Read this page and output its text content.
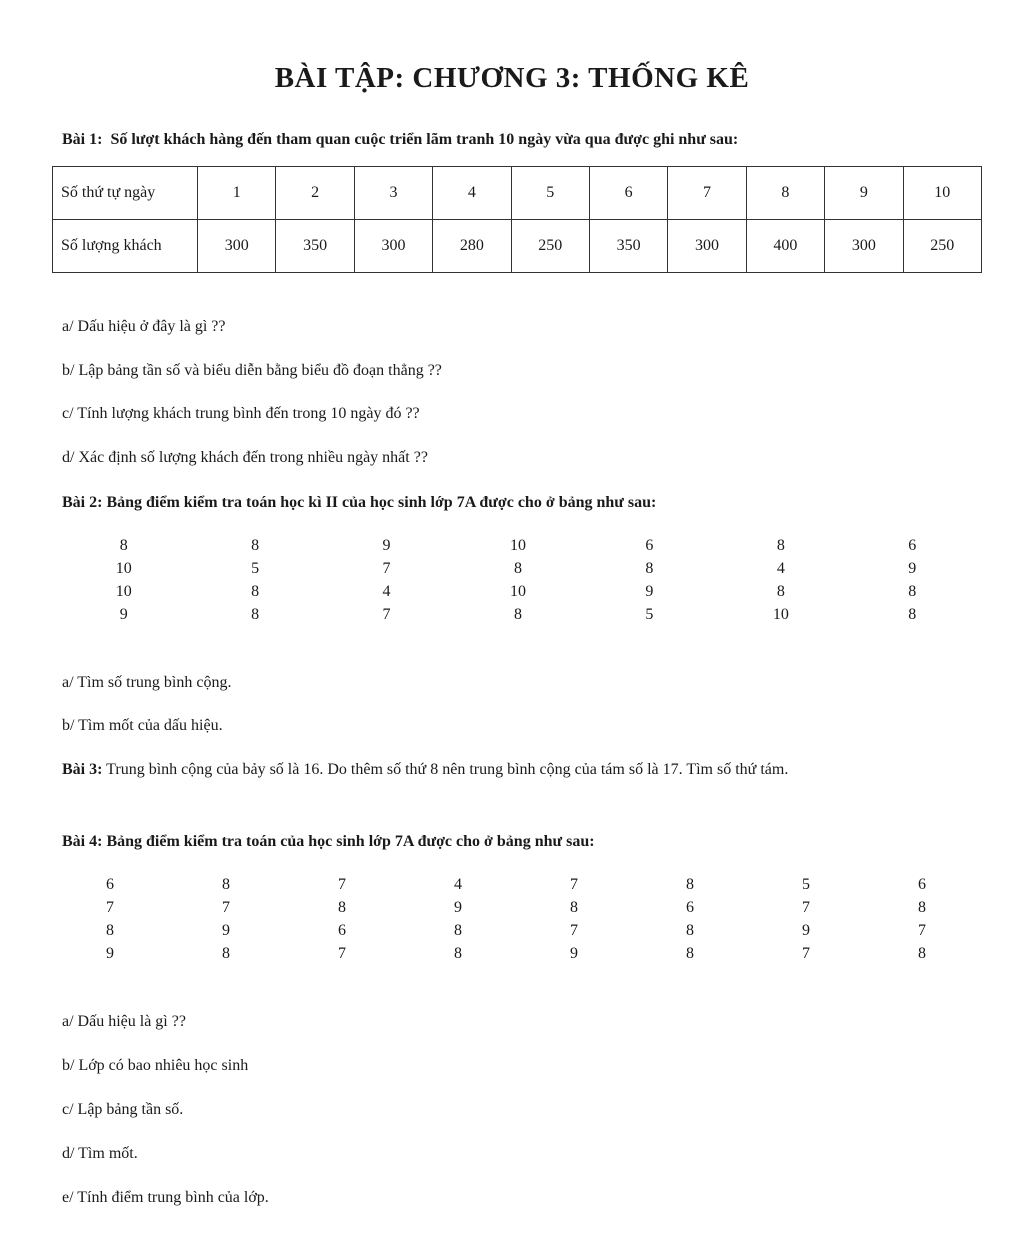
BÀI TẬP: CHƯƠNG 3: THỐNG KÊ
Bài 1: Số lượt khách hàng đến tham quan cuộc triển lãm tranh 10 ngày vừa qua được ghi như sau:
Số thứ tự ngày	1	2	3	4	5	6	7	8	9	10
Số lượng khách	300	350	300	280	250	350	300	400	300	250
a/ Dấu hiệu ở đây là gì ??
b/ Lập bảng tần số và biểu diễn bằng biểu đồ đoạn thẳng ??
c/ Tính lượng khách trung bình đến trong 10 ngày đó ??
d/ Xác định số lượng khách đến trong nhiều ngày nhất ??
Bài 2: Bảng điểm kiểm tra toán học kì II của học sinh lớp 7A được cho ở bảng như sau:
8	8	9	10	6	8	6
10	5	7	8	8	4	9
10	8	4	10	9	8	8
9	8	7	8	5	10	8
a/ Tìm số trung bình cộng.
b/ Tìm mốt của dấu hiệu.
Bài 3: Trung bình cộng của bảy số là 16. Do thêm số thứ 8 nên trung bình cộng của tám số là 17. Tìm số thứ tám.
Bài 4: Bảng điểm kiểm tra toán của học sinh lớp 7A được cho ở bảng như sau:
6	8	7	4	7	8	5	6
7	7	8	9	8	6	7	8
8	9	6	8	7	8	9	7
9	8	7	8	9	8	7	8
a/ Dấu hiệu là gì ??
b/ Lớp có bao nhiêu học sinh
c/ Lập bảng tần số.
d/ Tìm mốt.
e/ Tính điểm trung bình của lớp.
